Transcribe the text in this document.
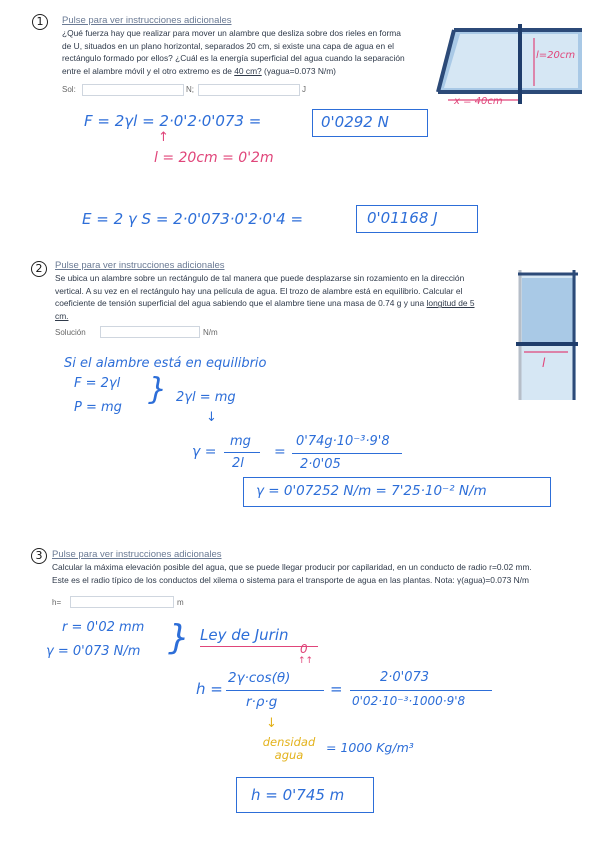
1	Pulse para ver instrucciones adicionales
¿Qué fuerza hay que realizar para mover un alambre que desliza sobre dos rieles en forma
de U, situados en un plano horizontal, separados 20 cm, si existe una capa de agua en el
rectángulo formado por ellos? ¿Cuál es la energía superficial del agua cuando la separación
entre el alambre móvil y el otro extremo es de 40 cm? (γagua=0.073 N/m)
Sol:	N;	J
l=20cm
x = 40cm
F = 2γl = 2·0'2·0'073 =	0'0292 N
↑
l = 20cm = 0'2m
E = 2 γ S = 2·0'073·0'2·0'4 =	0'01168 J
2	Pulse para ver instrucciones adicionales
Se ubica un alambre sobre un rectángulo de tal manera que puede desplazarse sin rozamiento en la dirección
vertical. A su vez en el rectángulo hay una película de agua. El trozo de alambre está en equilibrio. Calcular el
coeficiente de tensión superficial del agua sabiendo que el alambre tiene una masa de 0.74 g y una longitud de 5
cm.
Solución	N/m
l
Si el alambre está en equilibrio
F = 2γl
P = mg
} 2γl = mg
↓
γ =
mg
2l
=
0'74g·10⁻³·9'8
2·0'05
γ = 0'07252 N/m = 7'25·10⁻² N/m
3	Pulse para ver instrucciones adicionales
Calcular la máxima elevación posible del agua, que se puede llegar producir por capilaridad, en un conducto de radio r=0.02 mm.
Este es el radio típico de los conductos del xilema o sistema para el transporte de agua en las plantas. Nota: γ(agua)=0.073 N/m
h=	m
r = 0'02 mm
γ = 0'073 N/m } Ley de Jurin
0
↑↑
h =
2γ·cos(θ)
r·ρ·g
=
2·0'073
0'02·10⁻³·1000·9'8
↓
densidad agua	= 1000 Kg/m³
h = 0'745 m
